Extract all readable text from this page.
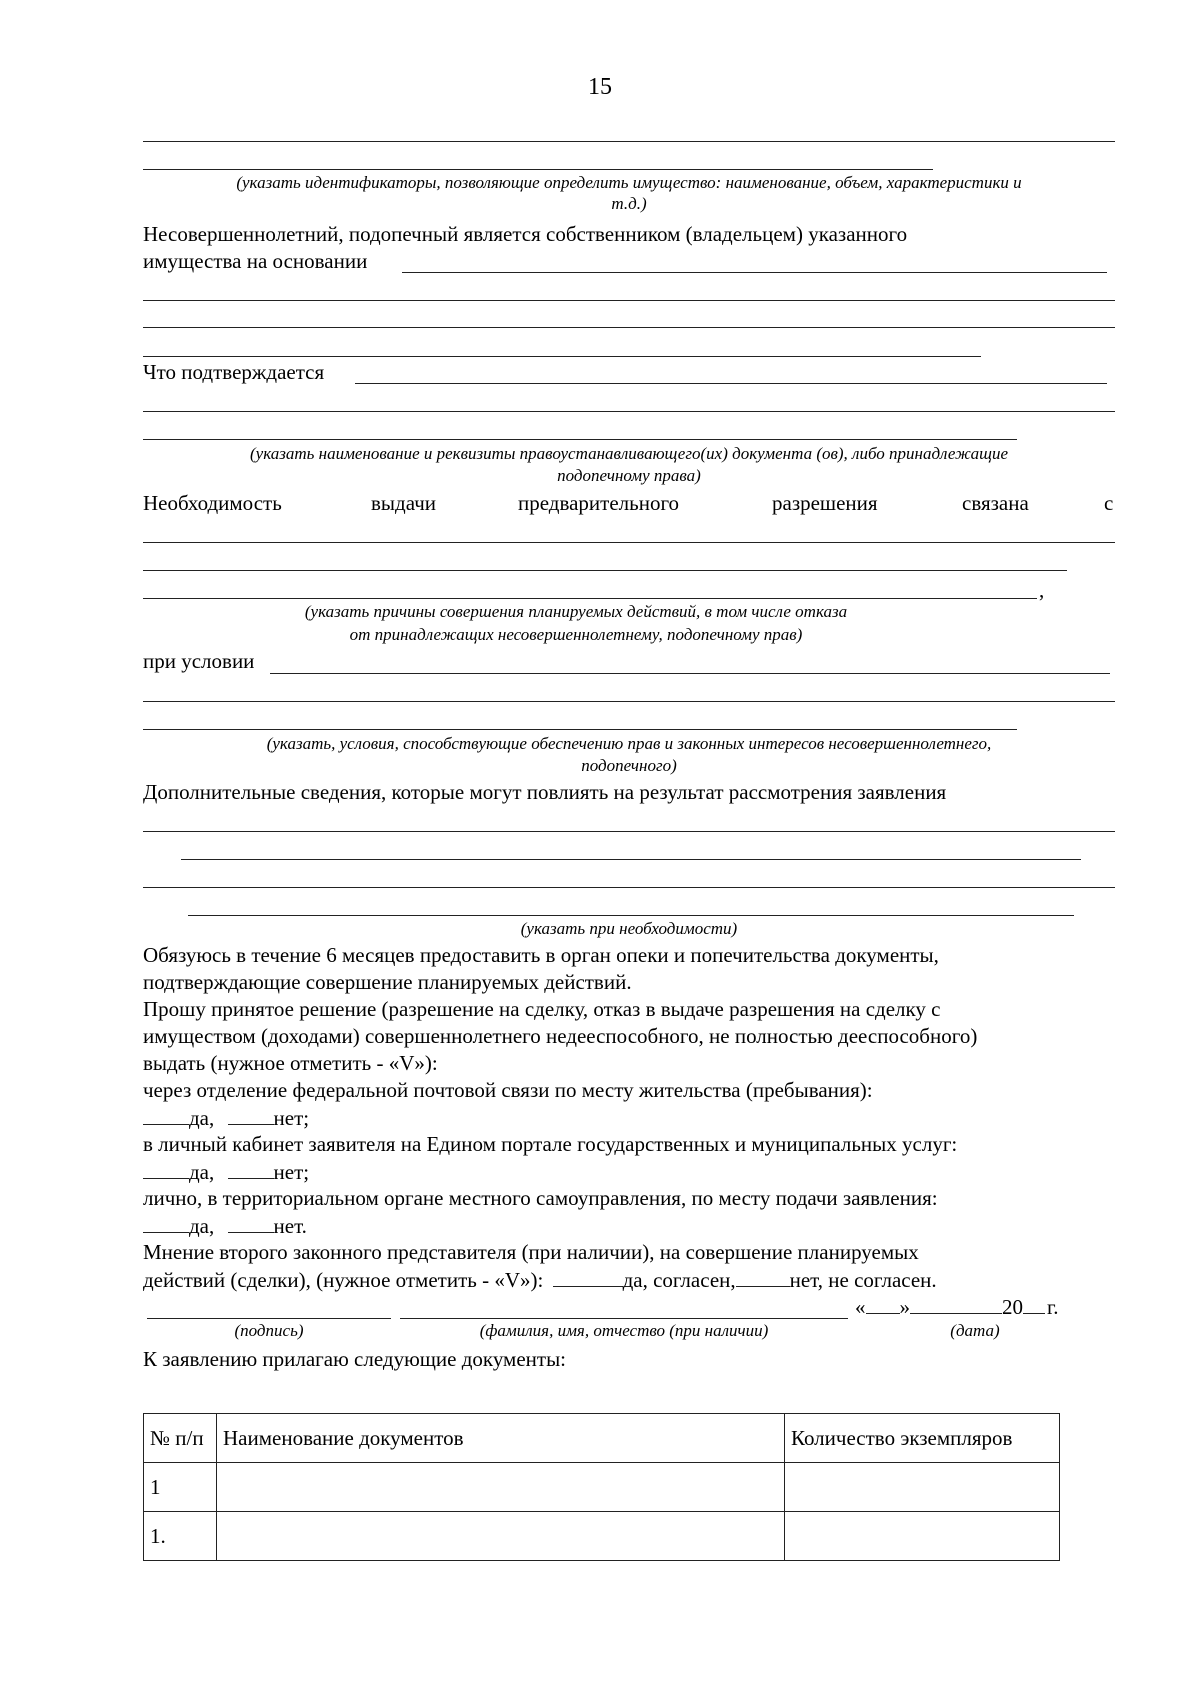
15
(указать идентификаторы, позволяющие определить имущество: наименование, объем, характеристики и
т.д.)
Несовершеннолетний, подопечный является собственником (владельцем) указанного
имущества на основании
Что подтверждается
(указать наименование и реквизиты правоустанавливающего(их) документа (ов), либо принадлежащие
подопечному права)
Необходимость	выдачи	предварительного	разрешения	связана	с
,
(указать причины совершения планируемых действий, в том числе отказа
от принадлежащих несовершеннолетнему, подопечному прав)
при условии
(указать, условия, способствующие обеспечению прав и законных интересов несовершеннолетнего,
подопечного)
Дополнительные сведения, которые могут повлиять на результат рассмотрения заявления
(указать при необходимости)
Обязуюсь в течение 6 месяцев предоставить в орган опеки и попечительства документы,
подтверждающие совершение планируемых действий.
Прошу принятое решение (разрешение на сделку, отказ в выдаче разрешения на сделку с
имуществом (доходами) совершеннолетнего недееспособного, не полностью дееспособного)
выдать (нужное отметить - «V»):
через отделение федеральной почтовой связи по месту жительства (пребывания):
да,	нет;
в личный кабинет заявителя на Едином портале государственных и муниципальных услуг:
да,	нет;
лично, в территориальном органе местного самоуправления, по месту подачи заявления:
да,	нет.
Мнение второго законного представителя (при наличии), на совершение планируемых
действий (сделки), (нужное отметить - «V»):	да, согласен,	нет, не согласен.
« »	20 г.
(подпись)	(фамилия, имя, отчество (при наличии)	(дата)
К заявлению прилагаю следующие документы:
№ п/п	Наименование документов	Количество экземпляров
1		
1.		
